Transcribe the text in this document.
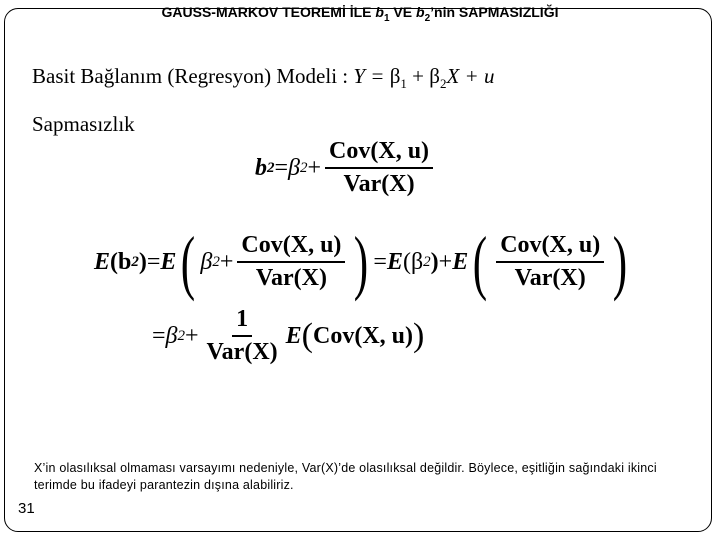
GAUSS-MARKOV TEOREMİ İLE $b_1$ VE $b_2’nin$ SAPMASIZLIĞI
Basit Bağlanım (Regresyon) Modeli : $Y = \beta_1 + \beta_2X + u$
Sapmasızlık
b 2 = β $2 + \frac{\text{Cov(X, u)}}{\text{Var(X)}}$
E (b 2 ) = E ( β $2 + \frac{\text{Cov(X, u)}}{\text{Var(X)}}$ ) = E (β 2 ) + E ( $\frac{\text{Cov(X, u)}}{\text{Var(X)}}$ )
= β $2 + \frac{1}{\text{Var(X)}}$ E ( Cov(X, u) )
X’in olasılıksal olmaması varsayımı nedeniyle, Var(X)’de olasılıksal değildir. Böylece, eşitliğin sağındaki ikinci terimde bu ifadeyi parantezin dışına alabiliriz.
31
